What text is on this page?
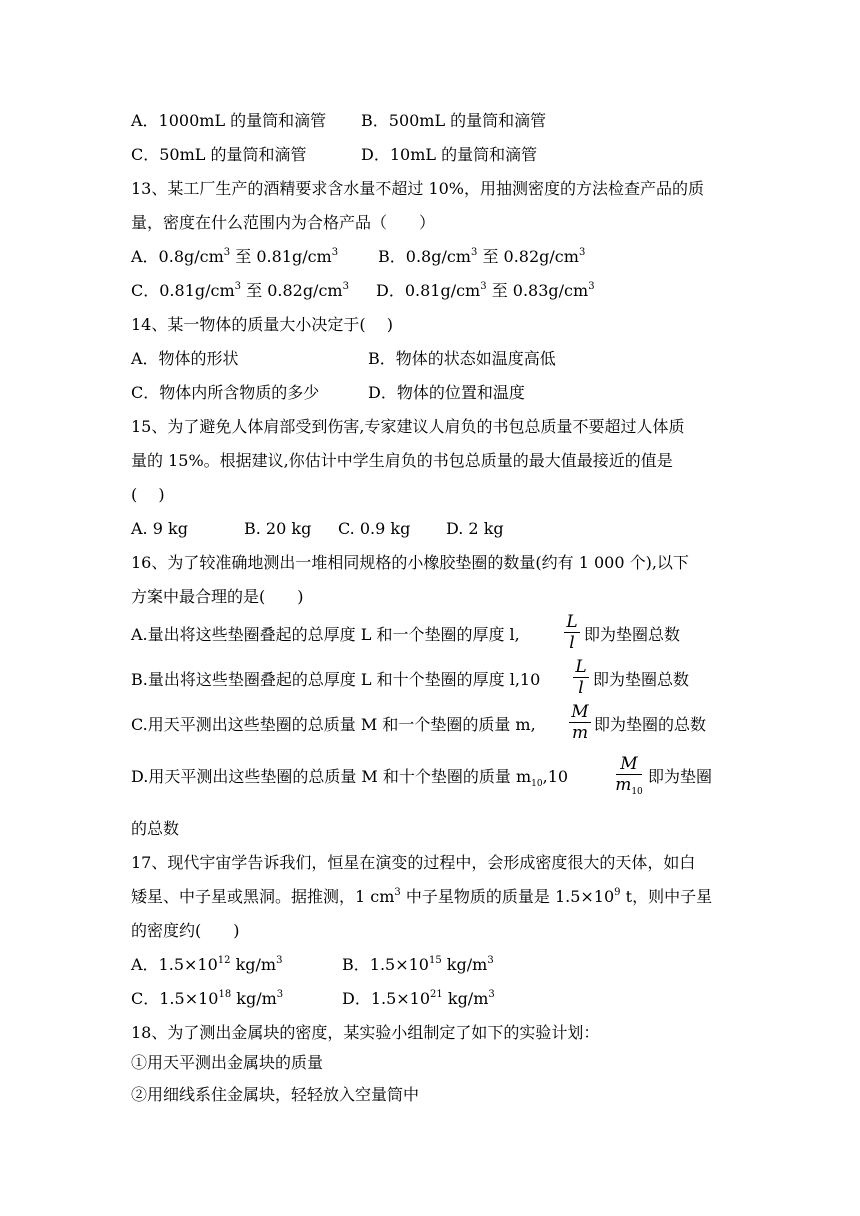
A．1000mL 的量筒和滴管 B．500mL 的量筒和滴管
C．50mL 的量筒和滴管	D．10mL 的量筒和滴管
13、某工厂生产的酒精要求含水量不超过 10%，用抽测密度的方法检查产品的质
量，密度在什么范围内为合格产品（　　）
A．$0.8g/cm^3$ 至 $0.81g/cm^3$ B．$0.8g/cm^3$ 至 $0.82g/cm^3$
C．$0.81g/cm^3$ 至 $0.82g/cm^3$ D．$0.81g/cm^3$ 至 $0.83g/cm^3$
14、某一物体的质量大小决定于(　 )
A．物体的形状	B．物体的状态如温度高低
C．物体内所含物质的多少	D．物体的位置和温度
15、为了避免人体肩部受到伤害,专家建议人肩负的书包总质量不要超过人体质
量的 15%。根据建议,你估计中学生肩负的书包总质量的最大值最接近的值是
(　 )
A. 9 kg	B. 20 kg C. 0.9 kg D. 2 kg
16、为了较准确地测出一堆相同规格的小橡胶垫圈的数量(约有 1 000 个),以下
方案中最合理的是(　　)
A.量出将这些垫圈叠起的总厚度 L 和一个垫圈的厚度 l,
L
l 即为垫圈总数
B.量出将这些垫圈叠起的总厚度 L 和十个垫圈的厚度 l,10
L
l 即为垫圈总数
C.用天平测出这些垫圈的总质量 M 和一个垫圈的质量 m,
M
m 即为垫圈的总数
D.用天平测出这些垫圈的总质量 M 和十个垫圈的质量 $m_{10},10$
M
$m_{10}$
即为垫圈
的总数
17、现代宇宙学告诉我们，恒星在演变的过程中，会形成密度很大的天体，如白
矮星、中子星或黑洞。据推测，1 $cm^3$ 中子星物质的质量是 $1.5\times 10^9$ t，则中子星
的密度约(　　)
A．$1.5\times 10^{12}$ $kg/m^3$	B．$1.5\times 10^{15}$ $kg/m^3$
C．$1.5\times 10^{18}$ $kg/m^3$	D．$1.5\times 10^{21}$ $kg/m^3$
18、为了测出金属块的密度，某实验小组制定了如下的实验计划：
①用天平测出金属块的质量
②用细线系住金属块，轻轻放入空量筒中
